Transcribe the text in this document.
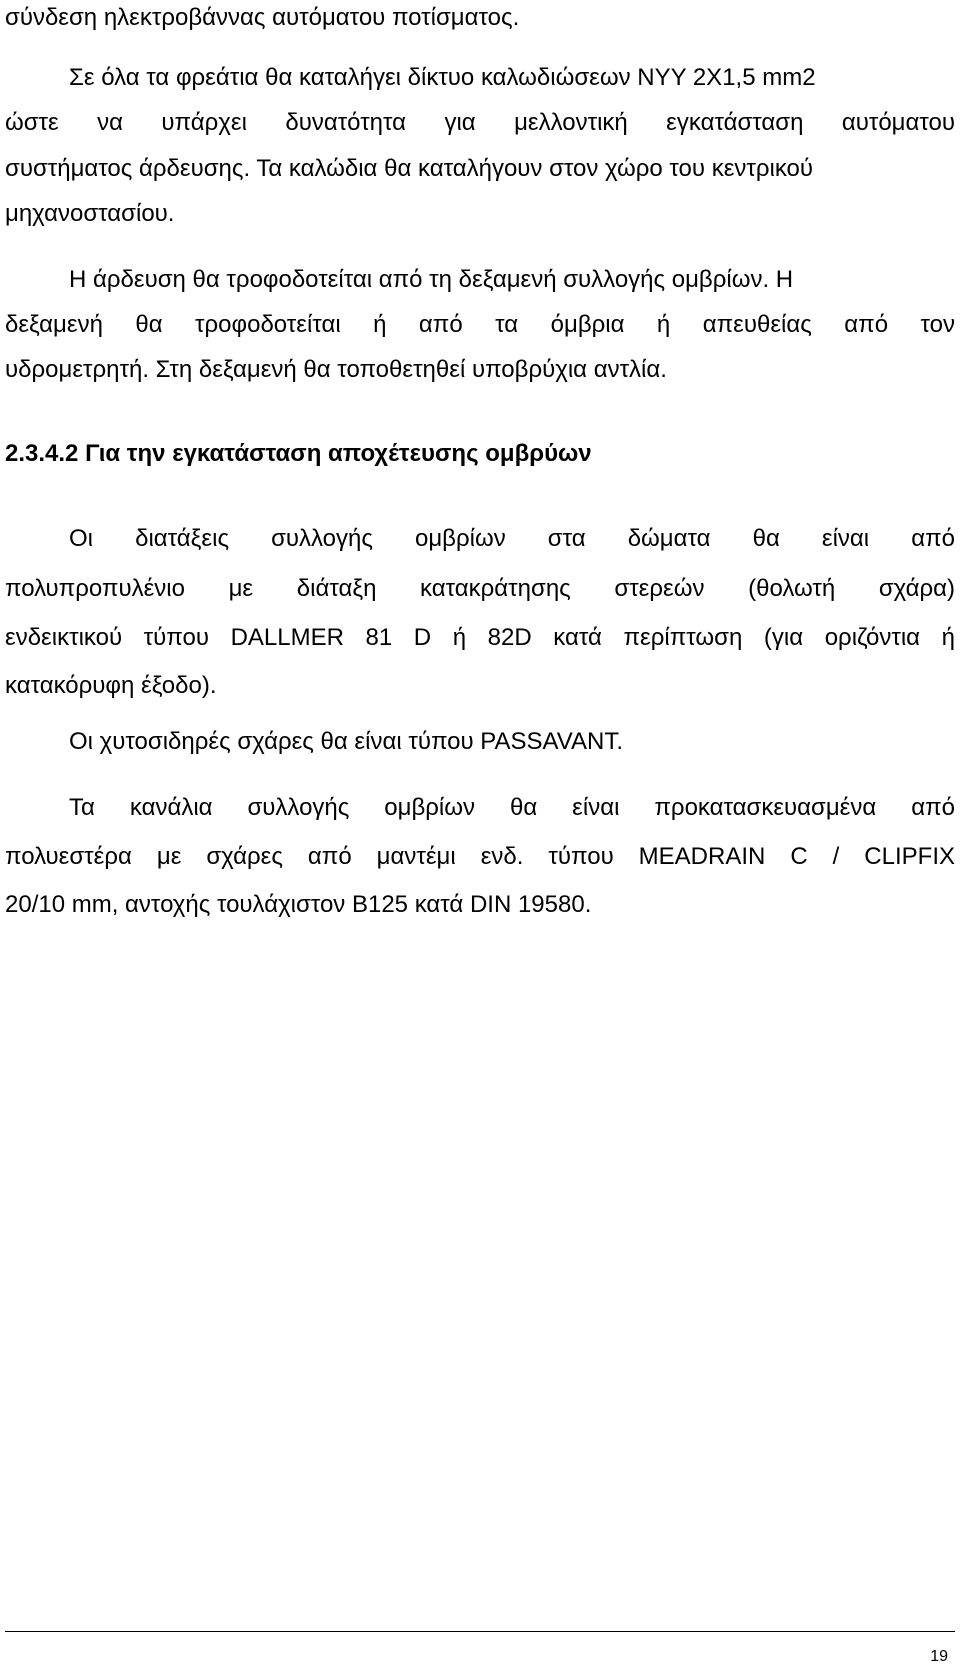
σύνδεση ηλεκτροβάννας αυτόματου ποτίσματος.
Σε όλα τα φρεάτια θα καταλήγει δίκτυο καλωδιώσεων ΝΥΥ 2Χ1,5 mm2
ώστε να υπάρχει δυνατότητα για μελλοντική εγκατάσταση αυτόματου
συστήματος άρδευσης. Τα καλώδια θα καταλήγουν στον χώρο του κεντρικού
μηχανοστασίου.
Η άρδευση θα τροφοδοτείται από τη δεξαμενή συλλογής ομβρίων. Η
δεξαμενή θα τροφοδοτείται ή από τα όμβρια ή απευθείας από τον
υδρομετρητή. Στη δεξαμενή θα τοποθετηθεί υποβρύχια αντλία.
2.3.4.2 Για την εγκατάσταση αποχέτευσης ομβρύων
Οι διατάξεις συλλογής ομβρίων στα δώματα θα είναι από
πολυπροπυλένιο με διάταξη κατακράτησης στερεών (θολωτή σχάρα)
ενδεικτικού τύπου DALLMER 81 D ή 82D κατά περίπτωση (για οριζόντια ή
κατακόρυφη έξοδο).
Οι χυτοσιδηρές σχάρες θα είναι τύπου PASSAVANT.
Τα κανάλια συλλογής ομβρίων θα είναι προκατασκευασμένα από
πολυεστέρα με σχάρες από μαντέμι ενδ. τύπου MEADRAIN C / CLIPFIX
20/10 mm, αντοχής τουλάχιστον Β125 κατά DIN 19580.
19
